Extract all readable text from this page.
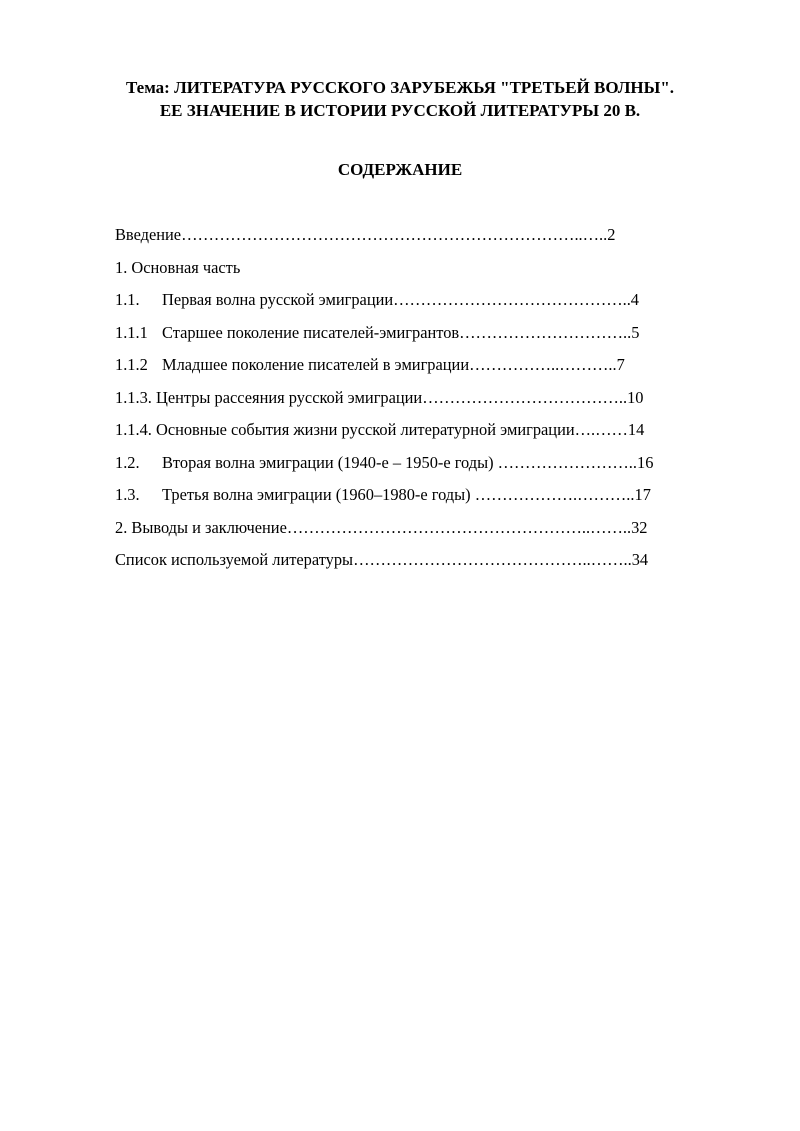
Тема: ЛИТЕРАТУРА РУССКОГО ЗАРУБЕЖЬЯ "ТРЕТЬЕЙ ВОЛНЫ".
ЕЕ ЗНАЧЕНИЕ В ИСТОРИИ РУССКОЙ ЛИТЕРАТУРЫ 20 В.
СОДЕРЖАНИЕ
Введение………………………………………………………………..…..2
1. Основная часть
1.1. Первая волна русской эмиграции……………………………………..4
1.1.1 Старшее поколение писателей-эмигрантов…………………………..5
1.1.2 Младшее поколение писателей в эмиграции……………..………..7
1.1.3. Центры рассеяния русской эмиграции………………………………..10
1.1.4. Основные события жизни русской литературной эмиграции….……14
1.2. Вторая волна эмиграции (1940-е – 1950-е годы) ……………………..16
1.3. Третья волна эмиграции (1960–1980-е годы) ……………….………..17
2. Выводы и заключение………………………………………………..……..32
Список используемой литературы……………………………………..……..34
